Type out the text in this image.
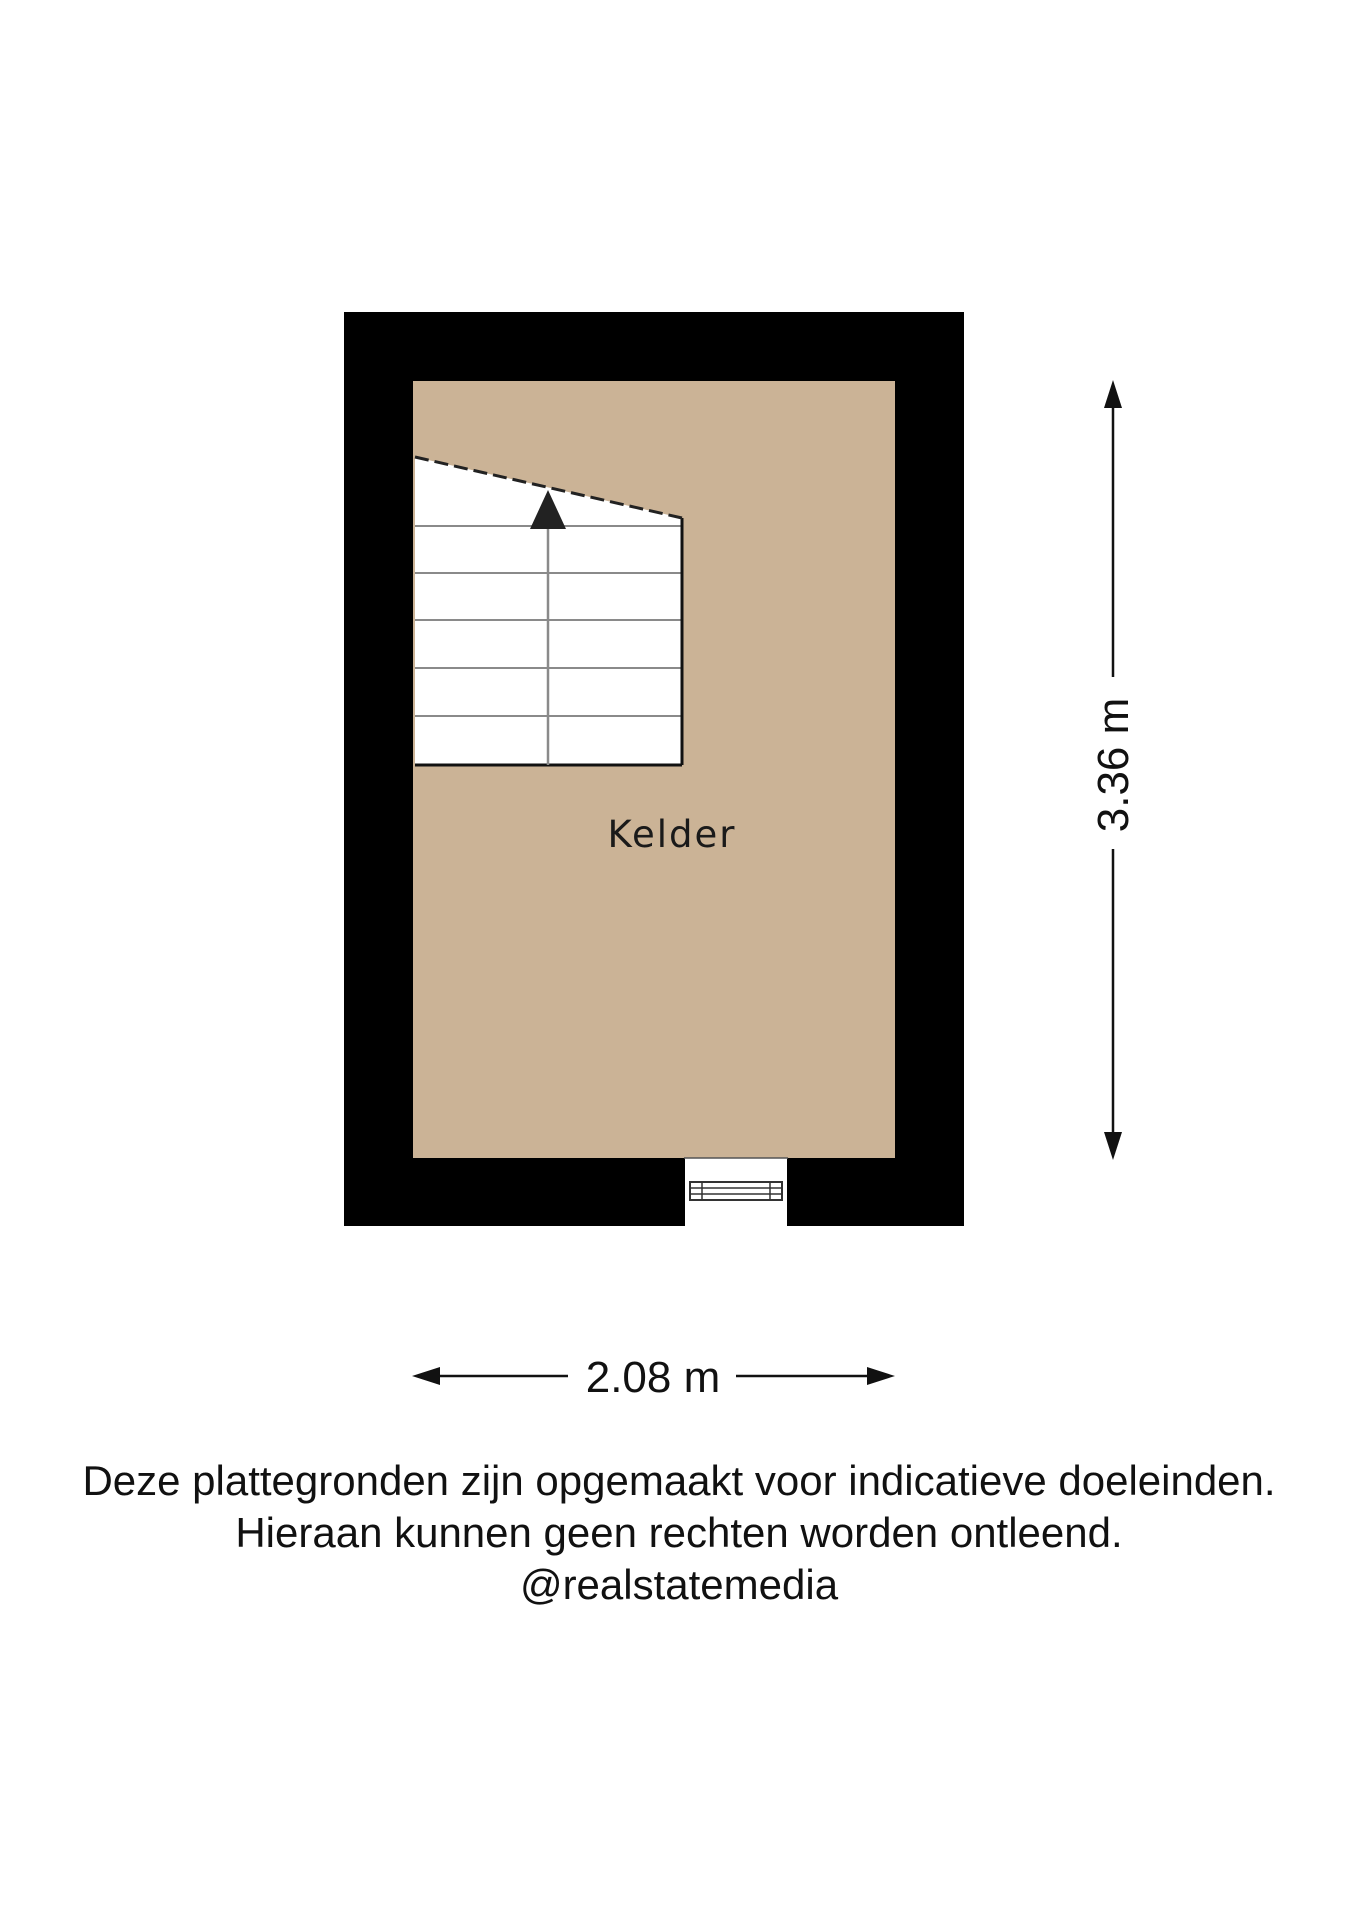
Kelder
2.08 m
3.36 m
Deze plattegronden zijn opgemaakt voor indicatieve doeleinden.
Hieraan kunnen geen rechten worden ontleend.
@realstatemedia
